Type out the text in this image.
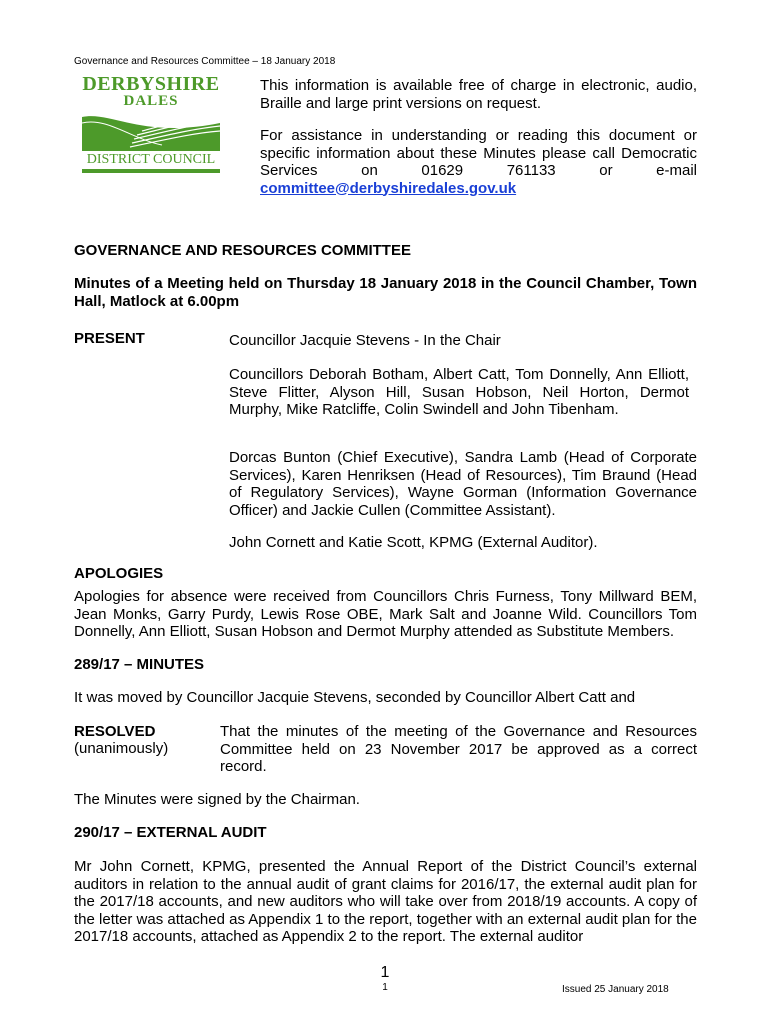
Governance and Resources Committee – 18 January 2018
DERBYSHIRE
DALES
DISTRICT COUNCIL

This information is available free of charge in electronic, audio, Braille and large print versions on request.

For assistance in understanding or reading this document or specific information about these Minutes please call Democratic Services on 01629 761133 or e-mail committee@derbyshiredales.gov.uk

GOVERNANCE AND RESOURCES COMMITTEE
Minutes of a Meeting held on Thursday 18 January 2018 in the Council Chamber, Town Hall, Matlock at 6.00pm
PRESENT	Councillor Jacquie Stevens - In the Chair
Councillors Deborah Botham, Albert Catt, Tom Donnelly, Ann Elliott, Steve Flitter, Alyson Hill, Susan Hobson, Neil Horton, Dermot Murphy, Mike Ratcliffe, Colin Swindell and John Tibenham.
Dorcas Bunton (Chief Executive), Sandra Lamb (Head of Corporate Services), Karen Henriksen (Head of Resources), Tim Braund (Head of Regulatory Services), Wayne Gorman (Information Governance Officer) and Jackie Cullen (Committee Assistant).
John Cornett and Katie Scott, KPMG (External Auditor).
APOLOGIES
Apologies for absence were received from Councillors Chris Furness, Tony Millward BEM, Jean Monks, Garry Purdy, Lewis Rose OBE, Mark Salt and Joanne Wild. Councillors Tom Donnelly, Ann Elliott, Susan Hobson and Dermot Murphy attended as Substitute Members.
289/17 – MINUTES
It was moved by Councillor Jacquie Stevens, seconded by Councillor Albert Catt and
RESOLVED
(unanimously)
That the minutes of the meeting of the Governance and Resources Committee held on 23 November 2017 be approved as a correct record.
The Minutes were signed by the Chairman.
290/17 – EXTERNAL AUDIT
Mr John Cornett, KPMG, presented the Annual Report of the District Council’s external auditors in relation to the annual audit of grant claims for 2016/17, the external audit plan for the 2017/18 accounts, and new auditors who will take over from 2018/19 accounts. A copy of the letter was attached as Appendix 1 to the report, together with an external audit plan for the 2017/18 accounts, attached as Appendix 2 to the report. The external auditor
1
1	Issued 25 January 2018
